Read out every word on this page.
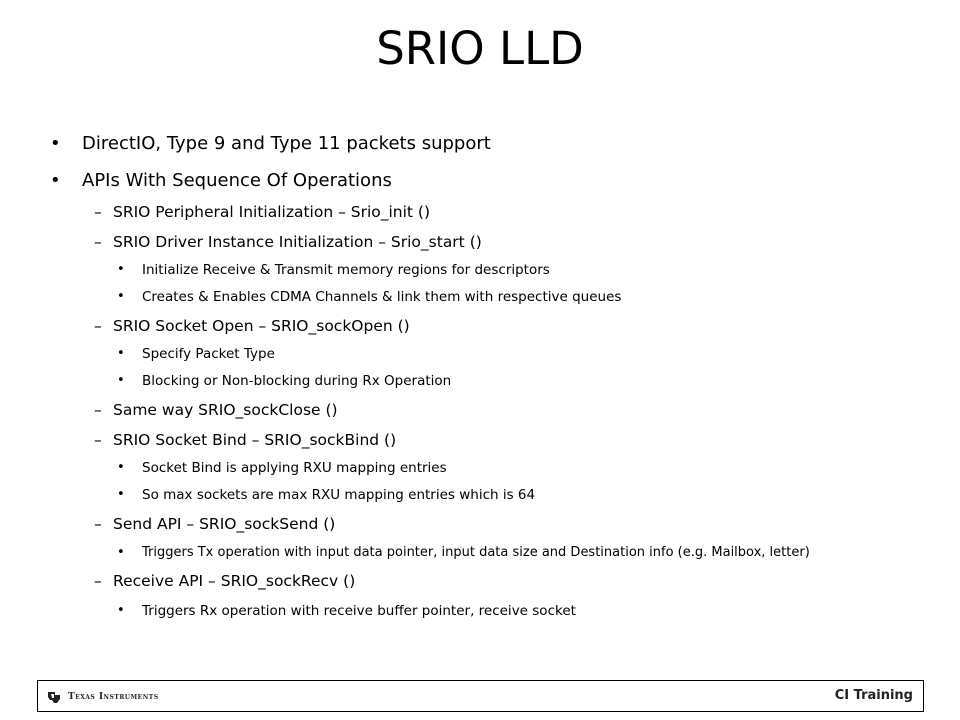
SRIO LLD
• DirectIO, Type 9 and Type 11 packets support
• APIs With Sequence Of Operations
– SRIO Peripheral Initialization – Srio_init ()
– SRIO Driver Instance Initialization – Srio_start ()
• Initialize Receive & Transmit memory regions for descriptors
• Creates & Enables CDMA Channels & link them with respective queues
– SRIO Socket Open – SRIO_sockOpen ()
• Specify Packet Type
• Blocking or Non-blocking during Rx Operation
– Same way SRIO_sockClose ()
– SRIO Socket Bind – SRIO_sockBind ()
• Socket Bind is applying RXU mapping entries
• So max sockets are max RXU mapping entries which is 64
– Send API – SRIO_sockSend ()
• Triggers Tx operation with input data pointer, input data size and Destination info (e.g. Mailbox, letter)
– Receive API – SRIO_sockRecv ()
• Triggers Rx operation with receive buffer pointer, receive socket
Texas Instruments	CI Training
